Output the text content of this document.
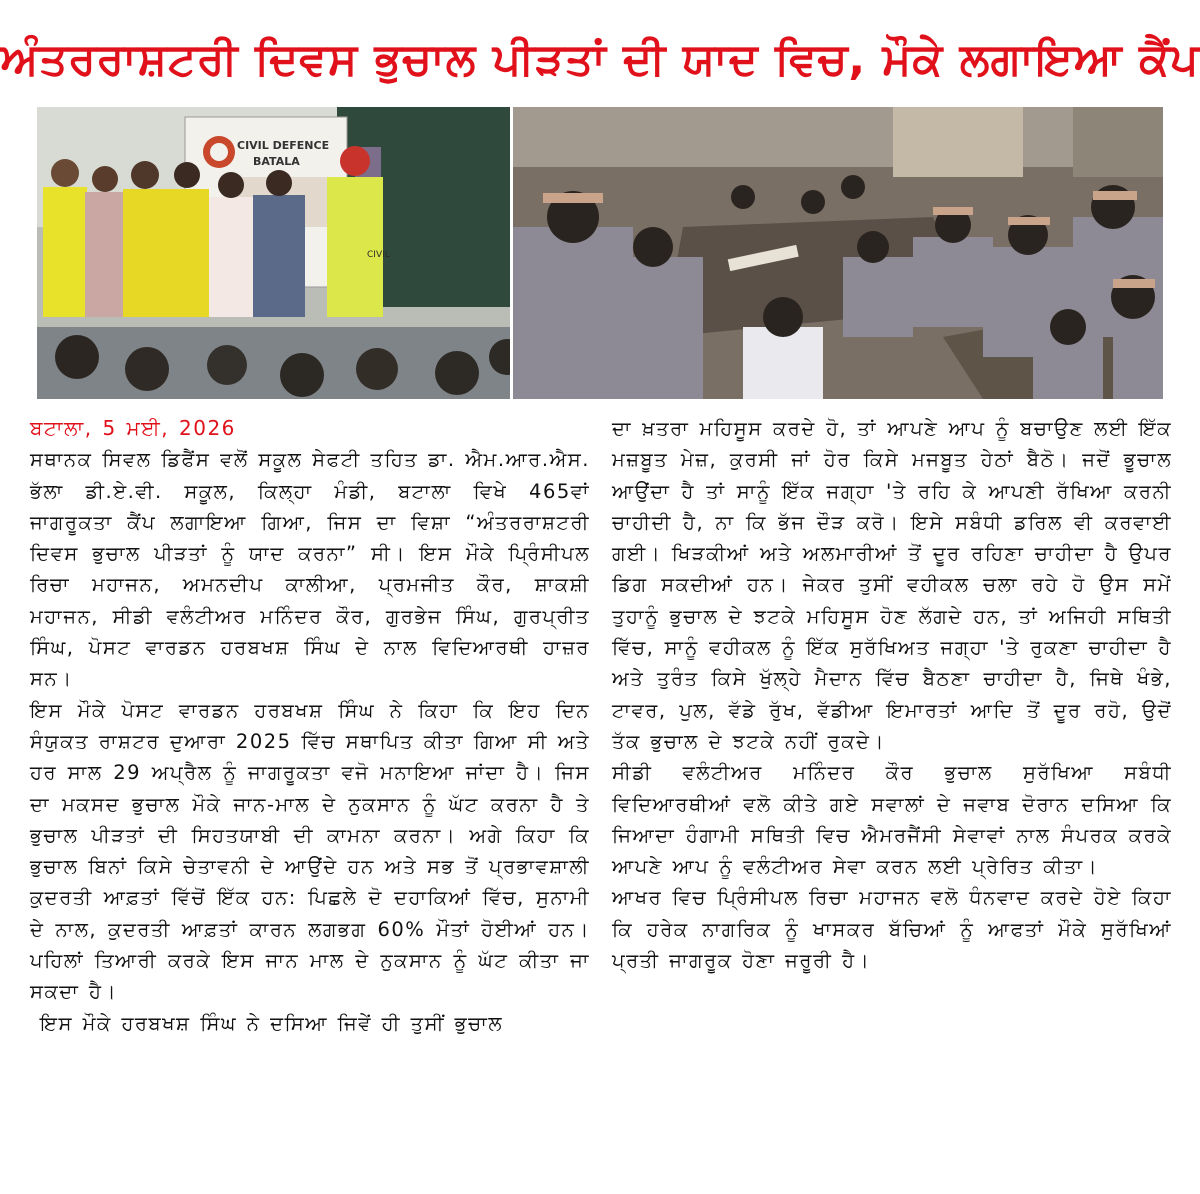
ਅੰਤਰਰਾਸ਼ਟਰੀ ਦਿਵਸ ਭੁਚਾਲ ਪੀੜਤਾਂ ਦੀ ਯਾਦ ਵਿਚ, ਮੌਕੇ ਲਗਾਇਆ ਕੈਂਪ
CIVIL DEFENCE
BATALA
CIVIL

ਬਟਾਲਾ, 5 ਮਈ, 2026

ਸਥਾਨਕ ਸਿਵਲ ਡਿਫੈਂਸ ਵਲੋਂ ਸਕੂਲ ਸੇਫਟੀ ਤਹਿਤ ਡਾ. ਐਮ.ਆਰ.ਐਸ. ਭੱਲਾ ਡੀ.ਏ.ਵੀ. ਸਕੂਲ, ਕਿਲ੍ਹਾ ਮੰਡੀ, ਬਟਾਲਾ ਵਿਖੇ 465ਵਾਂ ਜਾਗਰੂਕਤਾ ਕੈਂਪ ਲਗਾਇਆ ਗਿਆ, ਜਿਸ ਦਾ ਵਿਸ਼ਾ “ਅੰਤਰਰਾਸ਼ਟਰੀ ਦਿਵਸ ਭੁਚਾਲ ਪੀੜਤਾਂ ਨੂੰ ਯਾਦ ਕਰਨਾ” ਸੀ। ਇਸ ਮੌਕੇ ਪ੍ਰਿੰਸੀਪਲ ਰਿਚਾ ਮਹਾਜਨ, ਅਮਨਦੀਪ ਕਾਲੀਆ, ਪ੍ਰਮਜੀਤ ਕੌਰ, ਸ਼ਾਕਸ਼ੀ ਮਹਾਜਨ, ਸੀਡੀ ਵਲੰਟੀਅਰ ਮਨਿੰਦਰ ਕੌਰ, ਗੁਰਭੇਜ ਸਿੰਘ, ਗੁਰਪ੍ਰੀਤ ਸਿੰਘ, ਪੋਸਟ ਵਾਰਡਨ ਹਰਬਖਸ਼ ਸਿੰਘ ਦੇ ਨਾਲ ਵਿਦਿਆਰਥੀ ਹਾਜ਼ਰ ਸਨ।

ਇਸ ਮੌਕੇ ਪੋਸਟ ਵਾਰਡਨ ਹਰਬਖਸ਼ ਸਿੰਘ ਨੇ ਕਿਹਾ ਕਿ ਇਹ ਦਿਨ ਸੰਯੁਕਤ ਰਾਸ਼ਟਰ ਦੁਆਰਾ 2025 ਵਿੱਚ ਸਥਾਪਿਤ ਕੀਤਾ ਗਿਆ ਸੀ ਅਤੇ ਹਰ ਸਾਲ 29 ਅਪ੍ਰੈਲ ਨੂੰ ਜਾਗਰੂਕਤਾ ਵਜੋ ਮਨਾਇਆ ਜਾਂਦਾ ਹੈ। ਜਿਸ ਦਾ ਮਕਸਦ ਭੁਚਾਲ ਮੌਕੇ ਜਾਨ-ਮਾਲ ਦੇ ਨੁਕਸਾਨ ਨੂੰ ਘੱਟ ਕਰਨਾ ਹੈ ਤੇ ਭੁਚਾਲ ਪੀੜਤਾਂ ਦੀ ਸਿਹਤਯਾਬੀ ਦੀ ਕਾਮਨਾ ਕਰਨਾ। ਅਗੇ ਕਿਹਾ ਕਿ ਭੁਚਾਲ ਬਿਨਾਂ ਕਿਸੇ ਚੇਤਾਵਨੀ ਦੇ ਆਉਂਦੇ ਹਨ ਅਤੇ ਸਭ ਤੋਂ ਪ੍ਰਭਾਵਸ਼ਾਲੀ ਕੁਦਰਤੀ ਆਫ਼ਤਾਂ ਵਿੱਚੋਂ ਇੱਕ ਹਨ: ਪਿਛਲੇ ਦੋ ਦਹਾਕਿਆਂ ਵਿੱਚ, ਸੁਨਾਮੀ ਦੇ ਨਾਲ, ਕੁਦਰਤੀ ਆਫ਼ਤਾਂ ਕਾਰਨ ਲਗਭਗ 60% ਮੌਤਾਂ ਹੋਈਆਂ ਹਨ। ਪਹਿਲਾਂ ਤਿਆਰੀ ਕਰਕੇ ਇਸ ਜਾਨ ਮਾਲ ਦੇ ਨੁਕਸਾਨ ਨੂੰ ਘੱਟ ਕੀਤਾ ਜਾ ਸਕਦਾ ਹੈ।

ਇਸ ਮੌਕੇ ਹਰਬਖਸ਼ ਸਿੰਘ ਨੇ ਦਸਿਆ ਜਿਵੇਂ ਹੀ ਤੁਸੀਂ ਭੁਚਾਲ

ਦਾ ਖ਼ਤਰਾ ਮਹਿਸੂਸ ਕਰਦੇ ਹੋ, ਤਾਂ ਆਪਣੇ ਆਪ ਨੂੰ ਬਚਾਉਣ ਲਈ ਇੱਕ ਮਜ਼ਬੂਤ ਮੇਜ਼, ਕੁਰਸੀ ਜਾਂ ਹੋਰ ਕਿਸੇ ਮਜਬੂਤ ਹੇਠਾਂ ਬੈਠੋ। ਜਦੋਂ ਭੂਚਾਲ ਆਉਂਦਾ ਹੈ ਤਾਂ ਸਾਨੂੰ ਇੱਕ ਜਗ੍ਹਾ 'ਤੇ ਰਹਿ ਕੇ ਆਪਣੀ ਰੱਖਿਆ ਕਰਨੀ ਚਾਹੀਦੀ ਹੈ, ਨਾ ਕਿ ਭੱਜ ਦੌੜ ਕਰੋ। ਇਸੇ ਸਬੰਧੀ ਡਰਿਲ ਵੀ ਕਰਵਾਈ ਗਈ। ਖਿੜਕੀਆਂ ਅਤੇ ਅਲਮਾਰੀਆਂ ਤੋਂ ਦੂਰ ਰਹਿਣਾ ਚਾਹੀਦਾ ਹੈ ਉਪਰ ਡਿਗ ਸਕਦੀਆਂ ਹਨ। ਜੇਕਰ ਤੁਸੀਂ ਵਹੀਕਲ ਚਲਾ ਰਹੇ ਹੋ ਉਸ ਸਮੇਂ ਤੁਹਾਨੂੰ ਭੁਚਾਲ ਦੇ ਝਟਕੇ ਮਹਿਸੂਸ ਹੋਣ ਲੱਗਦੇ ਹਨ, ਤਾਂ ਅਜਿਹੀ ਸਥਿਤੀ ਵਿੱਚ, ਸਾਨੂੰ ਵਹੀਕਲ ਨੂੰ ਇੱਕ ਸੁਰੱਖਿਅਤ ਜਗ੍ਹਾ 'ਤੇ ਰੁਕਣਾ ਚਾਹੀਦਾ ਹੈ ਅਤੇ ਤੁਰੰਤ ਕਿਸੇ ਖੁੱਲ੍ਹੇ ਮੈਦਾਨ ਵਿੱਚ ਬੈਠਣਾ ਚਾਹੀਦਾ ਹੈ, ਜਿਥੇ ਖੰਭੇ, ਟਾਵਰ, ਪੁਲ, ਵੱਡੇ ਰੁੱਖ, ਵੱਡੀਆ ਇਮਾਰਤਾਂ ਆਦਿ ਤੋਂ ਦੂਰ ਰਹੋ, ਉਦੋਂ ਤੱਕ ਭੁਚਾਲ ਦੇ ਝਟਕੇ ਨਹੀਂ ਰੁਕਦੇ।

ਸੀਡੀ ਵਲੰਟੀਅਰ ਮਨਿੰਦਰ ਕੌਰ ਭੁਚਾਲ ਸੁਰੱਖਿਆ ਸਬੰਧੀ ਵਿਦਿਆਰਥੀਆਂ ਵਲੋ ਕੀਤੇ ਗਏ ਸਵਾਲਾਂ ਦੇ ਜਵਾਬ ਦੋਰਾਨ ਦਸਿਆ ਕਿ ਜਿਆਦਾ ਹੰਗਾਮੀ ਸਥਿਤੀ ਵਿਚ ਐਮਰਜੈਂਸੀ ਸੇਵਾਵਾਂ ਨਾਲ ਸੰਪਰਕ ਕਰਕੇ ਆਪਣੇ ਆਪ ਨੂੰ ਵਲੰਟੀਅਰ ਸੇਵਾ ਕਰਨ ਲਈ ਪ੍ਰੇਰਿਤ ਕੀਤਾ।

ਆਖਰ ਵਿਚ ਪ੍ਰਿੰਸੀਪਲ ਰਿਚਾ ਮਹਾਜਨ ਵਲੋ ਧੰਨਵਾਦ ਕਰਦੇ ਹੋਏ ਕਿਹਾ ਕਿ ਹਰੇਕ ਨਾਗਰਿਕ ਨੂੰ ਖਾਸਕਰ ਬੱਚਿਆਂ ਨੂੰ ਆਫਤਾਂ ਮੌਕੇ ਸੁਰੱਖਿਆਂ ਪ੍ਰਤੀ ਜਾਗਰੂਕ ਹੋਣਾ ਜਰੂਰੀ ਹੈ।
